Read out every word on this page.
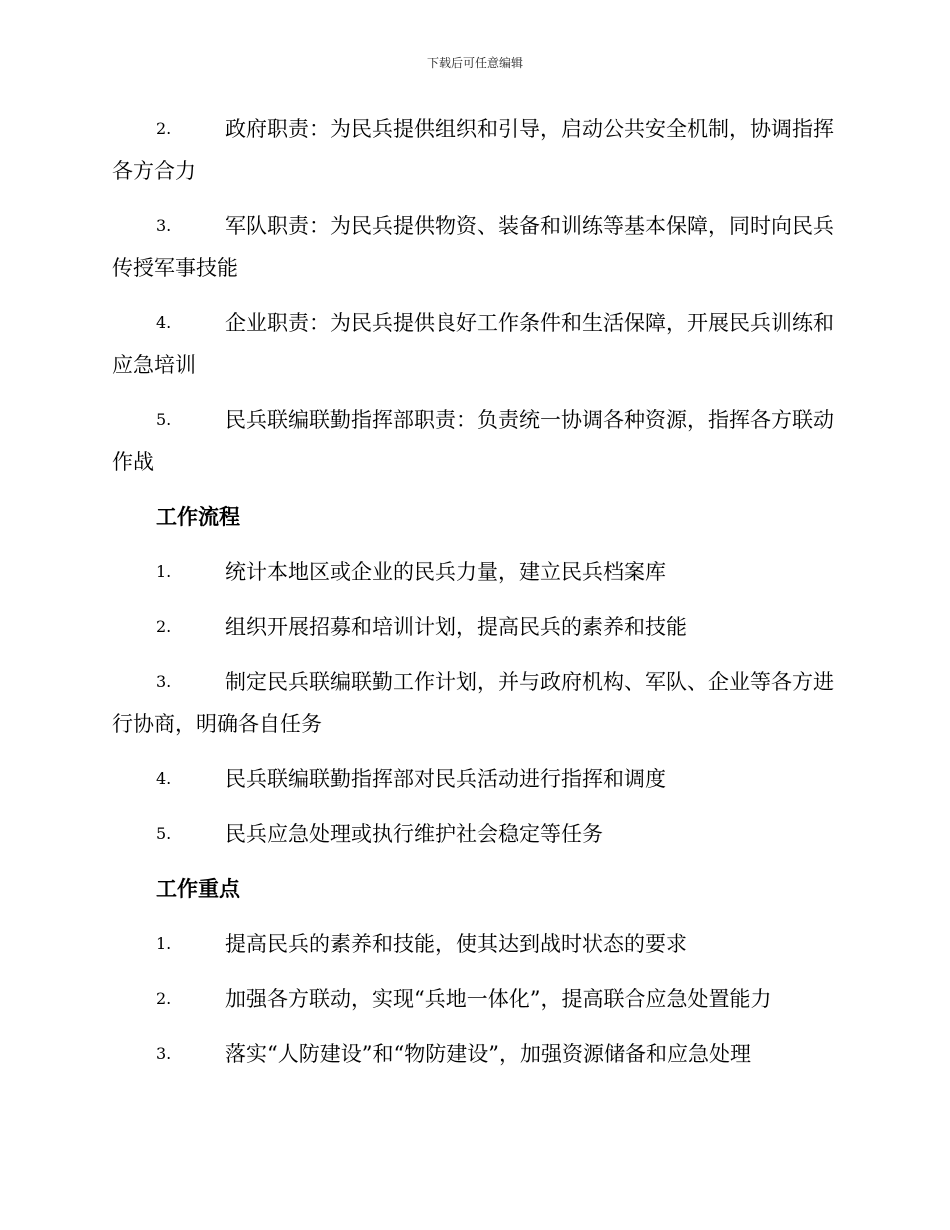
下载后可任意编辑
2.	政府职责：为民兵提供组织和引导，启动公共安全机制，协调指挥各方合力
3.	军队职责：为民兵提供物资、装备和训练等基本保障，同时向民兵传授军事技能
4.	企业职责：为民兵提供良好工作条件和生活保障，开展民兵训练和应急培训
5.	民兵联编联勤指挥部职责：负责统一协调各种资源，指挥各方联动作战
工作流程
1.	统计本地区或企业的民兵力量，建立民兵档案库
2.	组织开展招募和培训计划，提高民兵的素养和技能
3.	制定民兵联编联勤工作计划，并与政府机构、军队、企业等各方进行协商，明确各自任务
4.	民兵联编联勤指挥部对民兵活动进行指挥和调度
5.	民兵应急处理或执行维护社会稳定等任务
工作重点
1.	提高民兵的素养和技能，使其达到战时状态的要求
2.	加强各方联动，实现“兵地一体化”，提高联合应急处置能力
3.	落实“人防建设”和“物防建设”，加强资源储备和应急处理
